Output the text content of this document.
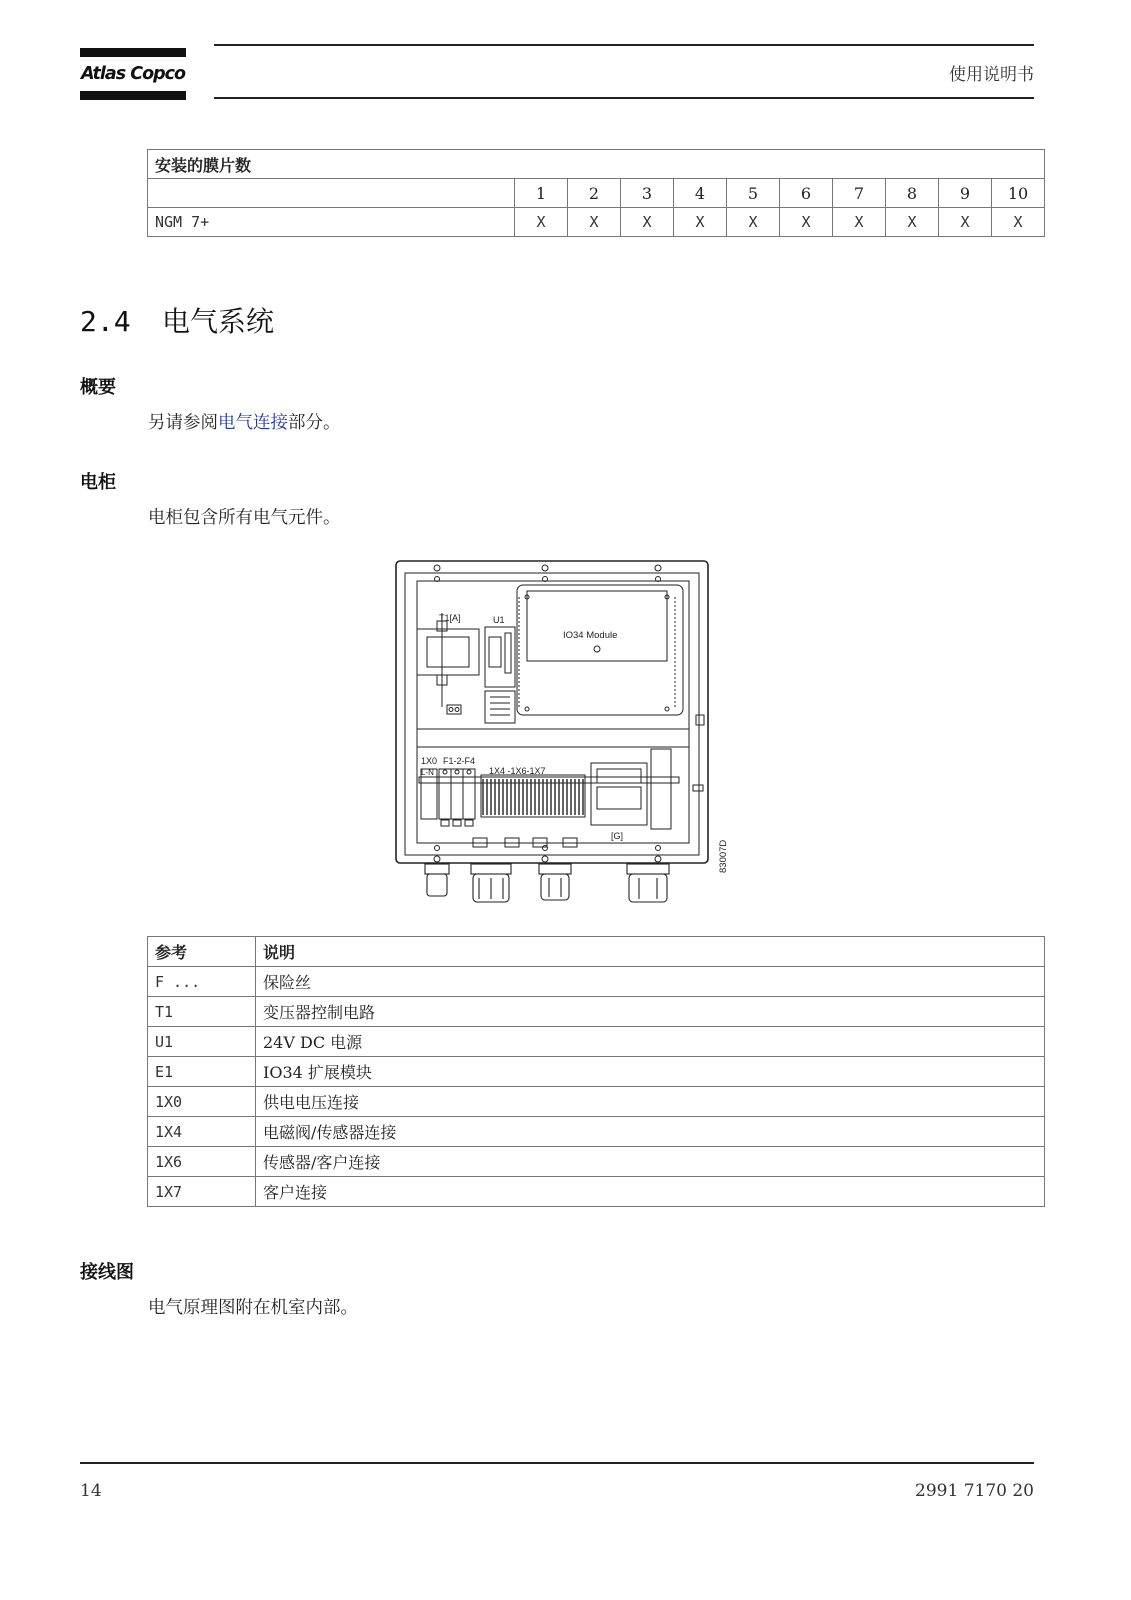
Atlas Copco	使用说明书
安装的膜片数										
	1	2	3	4	5	6	7	8	9	10
NGM 7+	X	X	X	X	X	X	X	X	X	X
2.4 电气系统
概要
另请参阅电气连接部分。
电柜
电柜包含所有电气元件。
T1[A]	U1
IO34 Module
1X0 F1-2-F4
L-N	1X4 -1X6-1X7
[G]
83007D
参考	说明
F ...	保险丝
T1	变压器控制电路
U1	24V DC 电源
E1	IO34 扩展模块
1X0	供电电压连接
1X4	电磁阀/传感器连接
1X6	传感器/客户连接
1X7	客户连接
接线图
电气原理图附在机室内部。
14	2991 7170 20
